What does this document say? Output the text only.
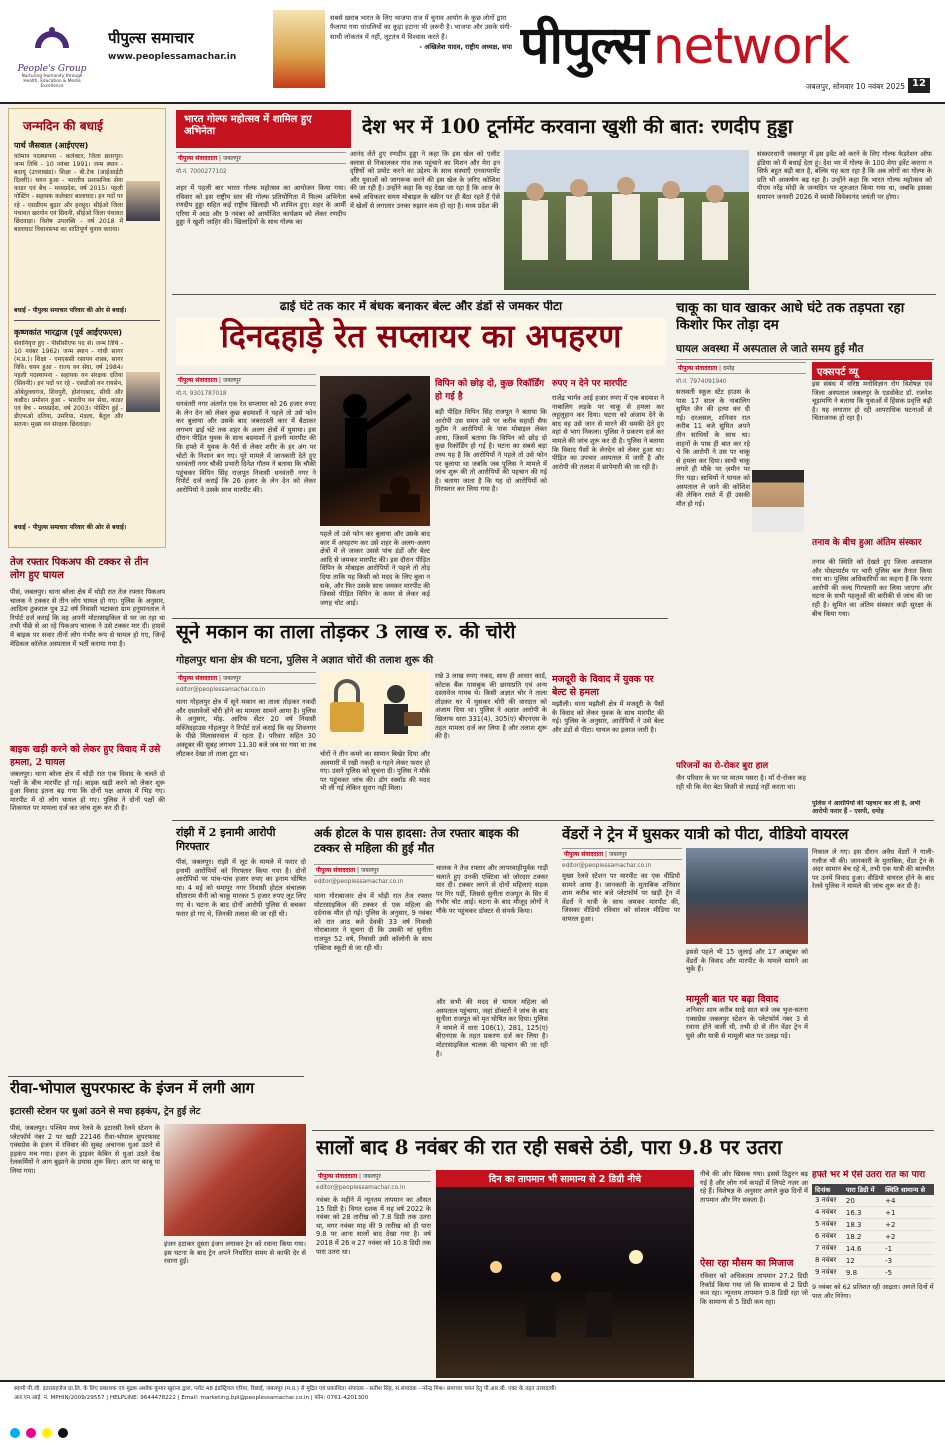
People's Group
Nurturing Humanity through Health, Education & Media Excellence
पीपुल्स समाचार
www.peoplessamachar.in
सबसे ख़राब भारत के लिए भाजपा राज में चुनाव आयोग के कुछ लोगों द्वारा फैलाया गया धांधलियों का कूड़ा हटाना भी ज़रूरी है। भाजपा और उसके संगी-साथी लोकतंत्र में नहीं, लूटतंत्र में विश्वास करते हैं।
- अखिलेश यादव, राष्ट्रीय अध्यक्ष, सपा पीपुल्स network
जबलपुर, सोमवार 10 नवंबर 2025 12
जन्मदिन की बधाई
पार्थ जैसवाल (आईएएस)
वर्तमान पदस्थापना - कलेक्टर, जिला छतरपुर। जन्म तिथि - 10 नवंबर 1991। जन्म स्थान - बदायूं (उत्तराखंड)। शिक्षा - बी.टेक (आईआईटी दिल्ली)। चयन हुआ - भारतीय प्रशासनिक सेवा काडर एवं बैच - मध्यप्रदेश, वर्ष 2015। पहली पोस्टिंग - सहायक कलेक्टर बालाघाट। इन पदों पर रहे - एसडीएम बुढ़ार और हरसूद। सीईओ जिला पंचायत खरगोन एवं सिवनी, सीईओ जिला पंचायत छिंदवाड़ा। विशेष उपलब्धि - वर्ष 2018 में बालाघाट विधानसभा का शांतिपूर्ण चुनाव कराया।
बधाई - पीपुल्स समाचार परिवार की ओर से बधाई।
कृष्णकांत भारद्वाज (पूर्व आईएफएस)
सेवानिवृत्त हुए - पीसीसीएफ पद से। जन्म तिथि - 10 नवंबर 1962। जन्म स्थान - गांधी सागर (म.प्र.)। शिक्षा - एमएससी रसायन शास्त्र, सागर विवि। चयन हुआ - राज्य वन सेवा, वर्ष 1984। पहली पदस्थापना - सहायक वन संरक्षक दतिया (सिवनी)। इन पदों पर रहे - एसडीओ वन रायसेन, ओबेदुल्लागंज, शिवपुरी, होशंगाबाद, सीधी और कन्नौद। प्रमोशन हुआ - भारतीय वन सेवा, काडर एवं बैच - मध्यप्रदेश, वर्ष 2003। पोस्टिंग हुई - डीएफओ दतिया, उमरिया, मंडला, बैतूल और सतना। मुख्य वन संरक्षक छिंदवाड़ा।
बधाई - पीपुल्स समाचार परिवार की ओर से बधाई।
भारत गोल्फ महोत्सव में शामिल हुए अभिनेता	देश भर में 100 टूर्नामेंट करवाना खुशी की बात: रणदीप हुड्डा
पीपुल्स संवाददाता | जबलपुर
मो.नं. 7000277102
शहर में पहली बार भारत गोल्फ महोत्सव का आयोजन किया गया। रविवार को इस राष्ट्रीय स्तर की गोल्फ प्रतियोगिता में फिल्म अभिनेता रणदीप हुड्डा सहित कई राष्ट्रीय खिलाड़ी भी शामिल हुए। शहर के आर्मी एरिया में आठ और 9 नवंबर को आयोजित कार्यक्रम को लेकर रणदीप हुड्डा ने खुशी जाहिर की। खिलाड़ियों के साथ गोल्फ का
आनंद लेते हुए रणदीप हुड्डा ने कहा कि इस खेल को एलीट क्लास से निकालकर गांव तक पहुंचाने का मिशन और मेरा इन दृष्टियों को प्रमोट करने का उद्देश्य के साथ संस्थाएँ एनवायरमेंट और युवाओं को जागरूक करने की इस खेल के ज़रिए कोशिश की जा रही है। उन्होंने कहा कि यह देखा जा रहा है कि आज के बच्चे अधिकतर समय मोबाइल के स्क्रीन पर ही बैठा रहते हैं ऐसे में खेलों से लगातार उनका रुझान कम हो रहा है। मध्य प्रदेश की
संस्कारधानी जबलपुर में इस इवेंट को करने के लिए गोल्फ फेडरेशन ऑफ इंडिया को मैं बधाई देता हूं। देश भर में गोल्फ के 100 मेगा इवेंट कराना न सिर्फ बहुत बड़ी बात है, बल्कि यह बता रहा है कि अब लोगों का गोल्फ के प्रति भी आकर्षण बढ़ रहा है। उन्होंने कहा कि भारत गोल्फ महोत्सव को पीएम नरेंद्र मोदी के जन्मदिन पर शुरुआत किया गया था, जबकि इसका समापन जनवरी 2026 में स्वामी विवेकानंद जयंती पर होगा।
ढाई घंटे तक कार में बंधक बनाकर बेल्ट और डंडों से जमकर पीटा
दिनदहाड़े रेत सप्लायर का अपहरण
पीपुल्स संवाददाता | जबलपुर
मो.नं. 9301787018
धनवंतरी नगर अंतर्गत एक रेत सप्लायर को 26 हजार रुपए के लेन देन को लेकर कुछ बदमाशों ने पहले तो उसे फोन कर बुलाया और उसके बाद जबरदस्ती कार में बैठाकर लगभग ढाई घंटे तक शहर के अलग क्षेत्रों में घुमाया। इस दौरान पीड़ित युवक के साथ बदमाशों ने इतनी मारपीट की कि हफ्ते में युवक के पैरों से लेकर शरीर के हर अंग पर चोटों के निशान बन गए। पूरे मामले में जानकारी देते हुए धनवंतरी नगर चौकी प्रभारी दिनेश गौतम ने बताया कि चौकी पहुंचकर विपिन सिंह राजपूत निवासी धनवंतरी नगर ने रिपोर्ट दर्ज कराई कि 26 हजार के लेन देन को लेकर आरोपियों ने उसके साथ मारपीट की।
पहले तो उसे फोन कर बुलाया और उसके बाद कार में अपहरण कर उसे शहर के अलग-अलग क्षेत्रों में ले जाकर उससे पांच डंडों और बेल्ट आदि से जमकर मारपीट की। इस दौरान पीड़ित विपिन के मोबाइल आरोपियों ने पहले तो तोड़ दिया ताकि यह किसी को मदद के लिए बुला न सके, और फिर उसके साथ जमकर मारपीट की जिससे पीड़ित विपिन के कमर से लेकर कई जगह चोट आई।
विपिन को छोड़ दो, कुछ रिकॉर्डिंग हो गई है
बड़ी पीड़ित विपिन सिंह राजपूत ने बताया कि आरोपी उस समय उसे पर करीब सहादी सैफ मुहीम ने आरोपियों के पास मोबाइल लेकर आया, जिसमें बताया कि विपिन को छोड़ दो कुछ रिकॉर्डिंग हो गई है। घटना का सबसे बड़ा तथ्य यह है कि आरोपियों ने पहले तो उसे फोन पर बुलाया था जबकि जब पुलिस ने मामले में जांच शुरू की तो आरोपियों की पहचान की गई है। बताया जाता है कि यह दो आरोपियों को गिरफ्तार कर लिया गया है।
रुपए न देने पर मारपीट
राजेंद्र भार्गव आई हजार रुपए में एक बदमाश ने नाबालिग लड़के पर चाकू से हमला कर लहूलुहान कर दिया। घटना को अंजाम देने के बाद वह उसे जान से मारने की धमकी देते हुए वहां से भाग निकला। पुलिस ने प्रकरण दर्ज कर मामले की जांच शुरू कर दी है। पुलिस ने बताया कि विवाद पैसों के लेनदेन को लेकर हुआ था। पीड़ित का उपचार अस्पताल में जारी है और आरोपी की तलाश में छापेमारी की जा रही है।
चाकू का घाव खाकर आधे घंटे तक तड़पता रहा किशोर फिर तोड़ा दम
घायल अवस्था में अस्पताल ले जाते समय हुई मौत
पीपुल्स संवाददाता | दमोह
मो.नं. 7974091940
सरस्वती स्कूल स्टेट हाउस के पास 17 साल के नाबालिग सुमित जैन की हत्या कर दी गई। दरअसल, शनिवार रात करीब 11 बजे सुमित अपने तीन साथियों के साथ था। वाहनों के पास ही बात कर रहे थे कि आरोपी ने उस पर चाकू से हमला कर दिया। साथी चाकू लगते ही मौके पर ज़मीन पर गिर पड़ा। साथियों ने घायल को अस्पताल ले जाने की कोशिश की लेकिन रास्ते में ही उसकी मौत हो गई।
एक्सपर्ट व्यू
इस संबंध में वरिष्ठ मनोविज्ञान रोग विशेषज्ञ एवं जिला अस्पताल जबलपुर के एडवोकेट डॉ. रजनेश चूड़ामणि ने बताया कि युवाओं में हिंसक प्रवृत्ति बढ़ी है। यह लगातार हो रही आपराधिक घटनाओं से चिंताजनक हो रहा है।
तनाव के बीच हुआ अंतिम संस्कार
तनाव की स्थिति को देखते हुए जिला अस्पताल और पोस्टमार्टम पर भारी पुलिस बल तैनात किया गया था। पुलिस अधिकारियों का कहना है कि फरार आरोपी की जल्द गिरफ्तारी कर लिया जाएगा और घटना के सभी पहलुओं की बारीकी से जांच की जा रही है। सुमित का अंतिम संस्कार कड़ी सुरक्षा के बीच किया गया।
परिजनों का रो-रोकर बुरा हाल
जैन परिवार के घर पर मातम पसरा है। माँ रो-रोकर कह रही थी कि मेरा बेटा किसी से लड़ाई नहीं करता था।
पुलिस ने आरोपियों की पहचान कर ली है, अभी आरोपी फरार हैं - एसपी, दमोह
तेज रफ्तार पिकअप की टक्कर से तीन लोग हुए घायल
पीसं, जबलपुर। थाना बरेला क्षेत्र में थोड़ी रात तेज रफ्तार पिकअप चालक ने टक्कर से तीन लोग घायल हो गए। पुलिस के अनुसार, आदित्य ठुकराल पुत्र 32 वर्ष निवासी भटाकरा ग्राम हनुमानताल ने रिपोर्ट दर्ज कराई कि वह अपनी मोटरसाइकिल से घर जा रहा था तभी पीछे से आ रहे पिकअप चालक ने उसे टक्कर मार दी। हादसे में बाइक पर सवार तीनों लोग गंभीर रूप से घायल हो गए, जिन्हें मेडिकल कॉलेज अस्पताल में भर्ती कराया गया है।
बाइक खड़ी करने को लेकर हुए विवाद में उसे हमला, 2 घायल
जबलपुर। थाना बरेला क्षेत्र में थोड़ी रात एक विवाद के चलते दो पक्षों के बीच मारपीट हो गई। बाइक खड़ी करने को लेकर शुरू हुआ विवाद इतना बढ़ गया कि दोनों पक्ष आपस में भिड़ गए। मारपीट में दो लोग घायल हो गए। पुलिस ने दोनों पक्षों की शिकायत पर मामला दर्ज कर जांच शुरू कर दी है।
सूने मकान का ताला तोड़कर 3 लाख रु. की चोरी
गोहलपुर थाना क्षेत्र की घटना, पुलिस ने अज्ञात चोरों की तलाश शुरू की
पीपुल्स संवाददाता | जबलपुर
editor@peoplessamachar.co.in
थाना गोहलपुर क्षेत्र में सूने मकान का ताला तोड़कर नकदी और दस्तावेजों चोरी होने का मामला सामने आया है। पुलिस के अनुसार, मोह. आरिफ सेंटर 20 वर्ष निवासी मस्जिदहाउस गोहलपुर ने रिपोर्ट दर्ज कराई कि वह शिवनगर के पीछे मिलासरवाल में रहता है। परिवार सहित 30 अक्टूबर की सुबह लगभग 11.30 बजे जब घर गया था तब लौटकर देखा तो ताला टूटा था।	चोरों ने तीन कमरे का सामान बिखेर दिया और अलमारी में रखी नकदी व गहने लेकर फरार हो गए। उसने पुलिस को सूचना दी। पुलिस ने मौके पर पहुंचकर जांच की। डॉग स्क्वॉड की मदद भी ली गई लेकिन सुराग नहीं मिला।
रखे 3 लाख रुपए नकद, साथ ही आधार कार्ड, कोटक बैंक पासबुक की छायाप्रति एवं अन्य दस्तावेज गायब थे। किसी अज्ञात चोर ने ताला तोड़कर घर में घुसकर चोरी की वारदात को अंजाम दिया था। पुलिस ने अज्ञात आरोपी के खिलाफ धारा 331(4), 305(ए) बीएनएस के तहत मामला दर्ज कर लिया है और तलाश शुरू की है।
मजदूरी के विवाद में युवक पर बेल्ट से हमला
मझौली। थाना मझौली क्षेत्र में मजदूरी के पैसों के विवाद को लेकर युवक के साथ मारपीट की गई। पुलिस के अनुसार, आरोपियों ने उसे बेल्ट और डंडों से पीटा। घायल का इलाज जारी है।
रांझी में 2 इनामी आरोपी गिरफ्तार
पीसं, जबलपुर। रांझी में लूट के मामले में फरार दो इनामी आरोपियों को गिरफ्तार किया गया है। दोनों आरोपियों पर पांच-पांच हजार रुपए का इनाम घोषित था। 4 मई को घमापुर नगर निवासी होटल संचालक सीताराम सैनी को चाकू मारकर 5 हजार रुपए लूट लिए गए थे। घटना के बाद दोनों आरोपी पुलिस से बचकर फरार हो गए थे, जिनकी तलाश की जा रही थी।
अर्क होटल के पास हादसा: तेज रफ्तार बाइक की टक्कर से महिला की हुई मौत
पीपुल्स संवाददाता | जबलपुर
editor@peoplessamachar.co.in
थाना गोराबाजार क्षेत्र में थोड़ी रात तेज रफ्तार मोटरसाइकिल की टक्कर से एक महिला की दर्दनाक मौत हो गई। पुलिस के अनुसार, 9 नवंबर को रात आठ बजे देवकी 33 वर्ष निवासी गोराबाजार ने सूचना दी कि उसकी मां सुनीता राजपूत 52 वर्ष, निवासी उसी कॉलोनी के साथ एक्टिवा स्कूटी से जा रही थी।
चालक ने तेज रफ्तार और लापरवाहीपूर्वक गाड़ी चलाते हुए उनकी एक्टिवा को जोरदार टक्कर मार दी। टक्कर लगने से दोनों महिलाएं सड़क पर गिर पड़ीं, जिससे सुनीता राजपूत के सिर में गंभीर चोट आई। घटना के बाद मौजूद लोगों ने मौके पर पहुंचकर डॉक्टर से संपर्क किया।
और सभी की मदद से घायल महिला को अस्पताल पहुंचाया, जहां डॉक्टरों ने जांच के बाद सुनीता राजपूत को मृत घोषित कर दिया। पुलिस ने मामले में धारा 106(1), 281, 125(ए) बीएनएस के तहत प्रकरण दर्ज कर लिया है। मोटरसाइकिल चालक की पहचान की जा रही है।
वेंडरों ने ट्रेन में घुसकर यात्री को पीटा, वीडियो वायरल
पीपुल्स संवाददाता | जबलपुर
editor@peoplessamachar.co.in
मुख्य रेलवे स्टेशन पर मारपीट का एक वीडियो सामने आया है। जानकारी के मुताबिक शनिवार शाम करीब चार बजे प्लेटफॉर्म पर खड़ी ट्रेन में वेंडरों ने यात्री के साथ जमकर मारपीट की, जिसका वीडियो रविवार को सोशल मीडिया पर वायरल हुआ।
इससे पहले भी 15 जुलाई और 17 अक्टूबर को वेंडरों के विवाद और मारपीट के मामले सामने आ चुके हैं।
मामूली बात पर बढ़ा विवाद
शनिवार शाम करीब साढ़े सात बजे जब भुज-सतना एक्सप्रेस जबलपुर स्टेशन के प्लेटफॉर्म नंबर 3 से रवाना होने वाली थी, तभी दो से तीन वेंडर ट्रेन में घुसे और यात्री से मामूली बात पर उलझ पड़े।
निकाल ले गए। इस दौरान अवैध वेंडरों ने गाली-गलौज भी की। जानकारी के मुताबिक, वेंडर ट्रेन के अंदर सामान बेच रहे थे, तभी एक यात्री की बातचीत पर उनमें विवाद हुआ। वीडियो वायरल होने के बाद रेलवे पुलिस ने मामले की जांच शुरू कर दी है।
रीवा-भोपाल सुपरफास्ट के इंजन में लगी आग
इटारसी स्टेशन पर धुआं उठने से मचा हड़कंप, ट्रेन हुई लेट
पीसं, जबलपुर। पश्चिम मध्य रेलवे के इटारसी रेलवे स्टेशन के प्लेटफॉर्म नंबर 2 पर खड़ी 22146 रीवा-भोपाल सुपरफास्ट एक्सप्रेस के इंजन में रविवार की सुबह अचानक धुआं उठने से हड़कंप मच गया। इंजन के ड्राइवर केबिन से धुआं उठते देख रेलकर्मियों ने आग बुझाने के प्रयास शुरू किए। आग पर काबू पा लिया गया।
इंजन हटाकर दूसरा इंजन लगाकर ट्रेन को रवाना किया गया। इस घटना के बाद ट्रेन अपने निर्धारित समय से काफी देर से रवाना हुई।
सालों बाद 8 नवंबर की रात रही सबसे ठंडी, पारा 9.8 पर उतरा
पीपुल्स संवाददाता | जबलपुर
editor@peoplessamachar.co.in
नवंबर के महीने में न्यूनतम तापमान का औसत 15 डिग्री है। विगत दशक में यह वर्ष 2022 के नवंबर को 28 तारीख को 7.8 डिग्री तक उतरा था, मगर नवंबर माह की 9 तारीख को ही पारा 9.8 पर आना सालों बाद देखा गया है। वर्ष 2018 में 26 व 27 नवंबर को 10.8 डिग्री तक पारा उतरा था।
दिन का तापमान भी सामान्य से 2 डिग्री नीचे	नीचे की ओर खिसक गया। इससे ठिठुरन बढ़ गई है और लोग गर्म कपड़ों में लिपटे नज़र आ रहे हैं। विशेषज्ञ के अनुसार अगले कुछ दिनों में तापमान और गिर सकता है।
ऐसा रहा मौसम का मिजाज
रविवार को अधिकतम तापमान 27.2 डिग्री रिकॉर्ड किया गया जो कि सामान्य से 2 डिग्री कम रहा। न्यूनतम तापमान 9.8 डिग्री रहा जो कि सामान्य से 5 डिग्री कम रहा।
हफ्ते भर में ऐसे उतरा रात का पारा
दिनांक	पारा डिग्री में	स्थिति सामान्य से
3 नवंबर	20	+4
4 नवंबर	16.3	+1
5 नवंबर	18.3	+2
6 नवंबर	18.2	+2
7 नवंबर	14.6	-1
8 नवंबर	12	-3
9 नवंबर	9.8	-5
9 नवंबर को 62 प्रतिशत रही आद्रता। अगले दिनों में पारा और गिरेगा।
स्वामी पी.जी. इंटरप्राइजेज प्रा.लि. के लिए प्रकाशक एवं मुद्रक अशोक कुमार खुराना द्वारा, प्लॉट 48 इंडस्ट्रियल एरिया, रिछाई, जबलपुर (म.प्र.) से मुद्रित एवं प्रकाशित। संपादक - सतीश सिंह, सं.संपादक - नरेन्द्र मिश्र। समाचार चयन हेतु पी.आर.बी. एक्ट के तहत उत्तरदायी।
आर.एन.आई. नं. MPHIN/2009/29557 | HELPLINE: 9644478222 | Email: marketing.bpl@peoplessamachar.co.in | फोन: 0761-4201300
